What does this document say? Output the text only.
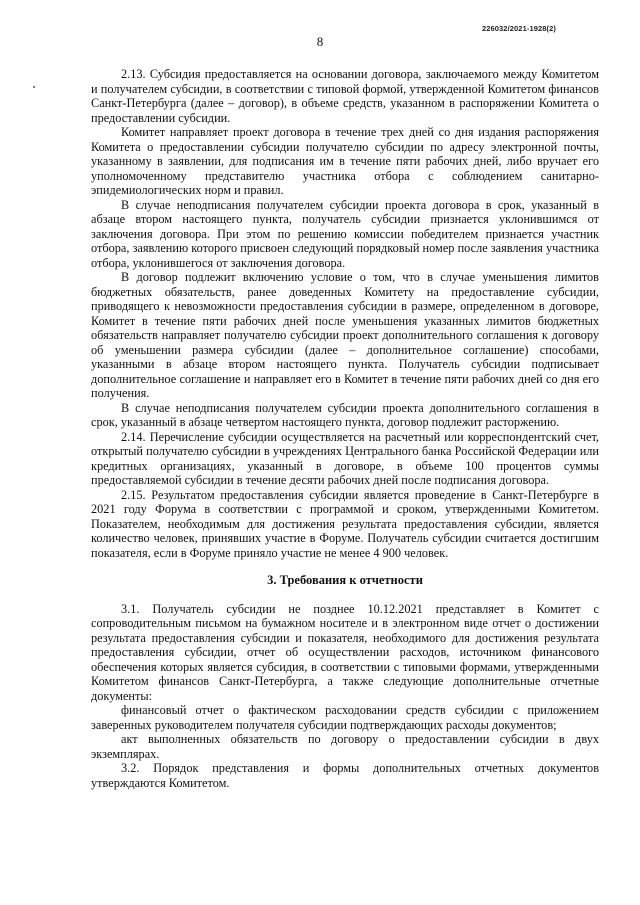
226032/2021-1928(2)
8

2.13. Субсидия предоставляется на основании договора, заключаемого между Комитетом и получателем субсидии, в соответствии с типовой формой, утвержденной Комитетом финансов Санкт-Петербурга (далее – договор), в объеме средств, указанном в распоряжении Комитета о предоставлении субсидии.

Комитет направляет проект договора в течение трех дней со дня издания распоряжения Комитета о предоставлении субсидии получателю субсидии по адресу электронной почты, указанному в заявлении, для подписания им в течение пяти рабочих дней, либо вручает его уполномоченному представителю участника отбора с соблюдением санитарно-эпидемиологических норм и правил.

В случае неподписания получателем субсидии проекта договора в срок, указанный в абзаце втором настоящего пункта, получатель субсидии признается уклонившимся от заключения договора. При этом по решению комиссии победителем признается участник отбора, заявлению которого присвоен следующий порядковый номер после заявления участника отбора, уклонившегося от заключения договора.

В договор подлежит включению условие о том, что в случае уменьшения лимитов бюджетных обязательств, ранее доведенных Комитету на предоставление субсидии, приводящего к невозможности предоставления субсидии в размере, определенном в договоре, Комитет в течение пяти рабочих дней после уменьшения указанных лимитов бюджетных обязательств направляет получателю субсидии проект дополнительного соглашения к договору об уменьшении размера субсидии (далее – дополнительное соглашение) способами, указанными в абзаце втором настоящего пункта. Получатель субсидии подписывает дополнительное соглашение и направляет его в Комитет в течение пяти рабочих дней со дня его получения.

В случае неподписания получателем субсидии проекта дополнительного соглашения в срок, указанный в абзаце четвертом настоящего пункта, договор подлежит расторжению.

2.14. Перечисление субсидии осуществляется на расчетный или корреспондентский счет, открытый получателю субсидии в учреждениях Центрального банка Российской Федерации или кредитных организациях, указанный в договоре, в объеме 100 процентов суммы предоставляемой субсидии в течение десяти рабочих дней после подписания договора.

2.15. Результатом предоставления субсидии является проведение в Санкт-Петербурге в 2021 году Форума в соответствии с программой и сроком, утвержденными Комитетом. Показателем, необходимым для достижения результата предоставления субсидии, является количество человек, принявших участие в Форуме. Получатель субсидии считается достигшим показателя, если в Форуме приняло участие не менее 4 900 человек.

3. Требования к отчетности

3.1. Получатель субсидии не позднее 10.12.2021 представляет в Комитет с сопроводительным письмом на бумажном носителе и в электронном виде отчет о достижении результата предоставления субсидии и показателя, необходимого для достижения результата предоставления субсидии, отчет об осуществлении расходов, источником финансового обеспечения которых является субсидия, в соответствии с типовыми формами, утвержденными Комитетом финансов Санкт-Петербурга, а также следующие дополнительные отчетные документы:

финансовый отчет о фактическом расходовании средств субсидии с приложением заверенных руководителем получателя субсидии подтверждающих расходы документов;

акт выполненных обязательств по договору о предоставлении субсидии в двух экземплярах.

3.2. Порядок представления и формы дополнительных отчетных документов утверждаются Комитетом.
